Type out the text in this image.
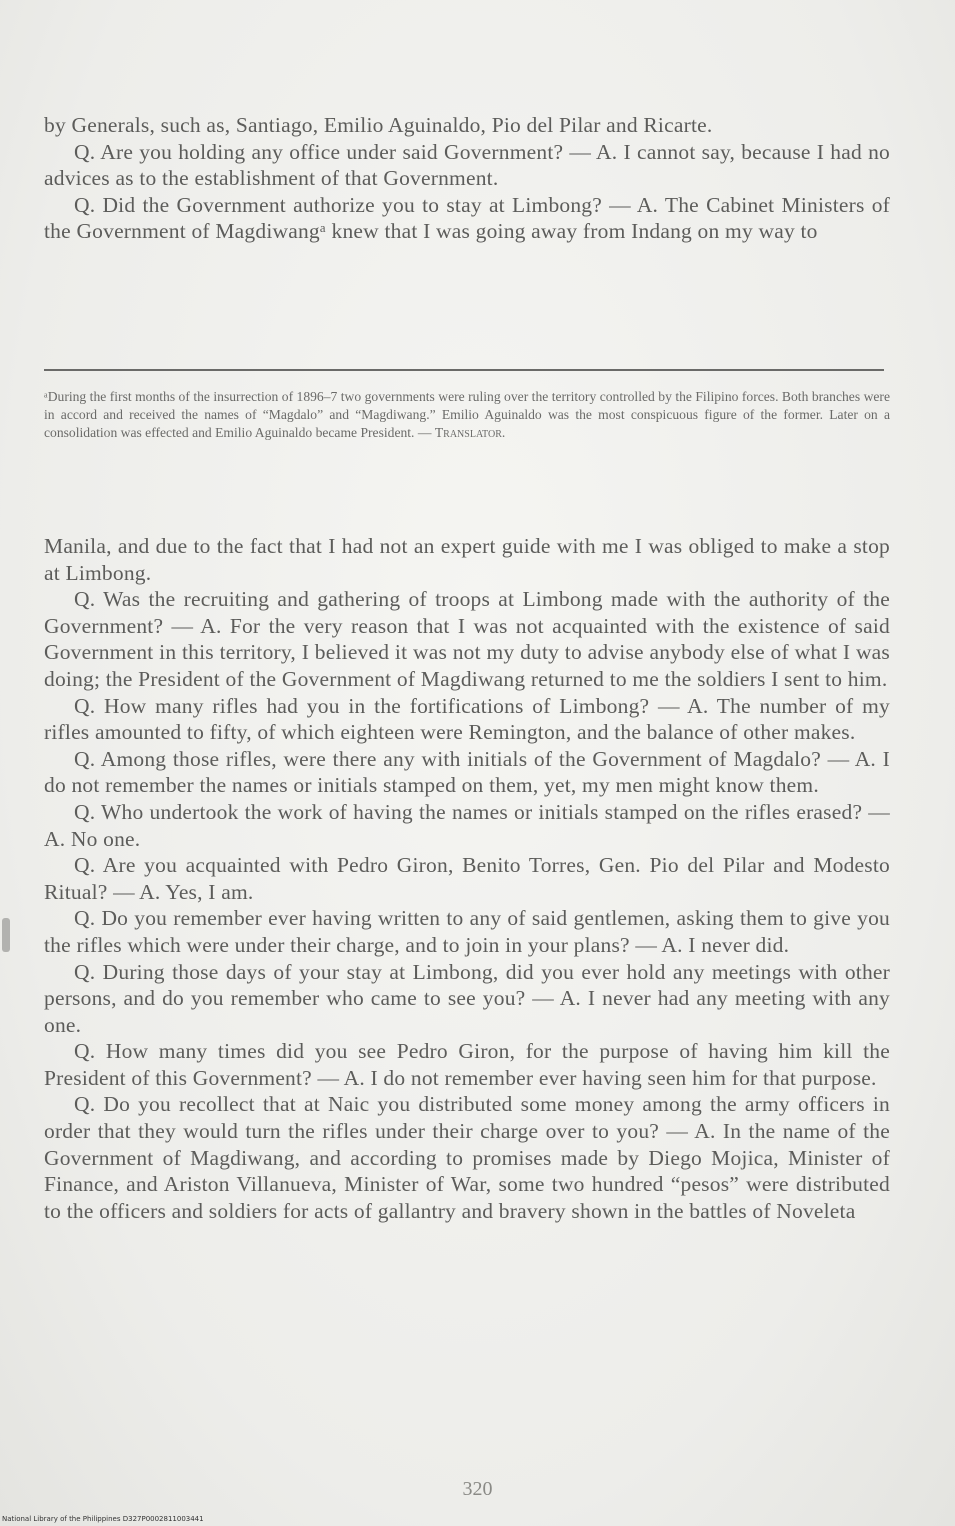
by Generals, such as, Santiago, Emilio Aguinaldo, Pio del Pilar and Ricarte.

Q. Are you holding any office under said Government? — A. I cannot say, because I had no advices as to the establishment of that Government.

Q. Did the Government authorize you to stay at Limbong? — A. The Cabinet Ministers of the Government of Magdiwangᵃ knew that I was going away from Indang on my way to

ᵃDuring the first months of the insurrection of 1896–7 two governments were ruling over the territory controlled by the Filipino forces. Both branches were in accord and received the names of “Magdalo” and “Magdiwang.” Emilio Aguinaldo was the most conspicuous figure of the former. Later on a consolidation was effected and Emilio Aguinaldo became President. — Translator.

Manila, and due to the fact that I had not an expert guide with me I was obliged to make a stop at Limbong.

Q. Was the recruiting and gathering of troops at Limbong made with the authority of the Government? — A. For the very reason that I was not acquainted with the existence of said Government in this territory, I believed it was not my duty to advise anybody else of what I was doing; the President of the Government of Magdiwang returned to me the soldiers I sent to him.

Q. How many rifles had you in the fortifications of Limbong? — A. The number of my rifles amounted to fifty, of which eighteen were Remington, and the balance of other makes.

Q. Among those rifles, were there any with initials of the Government of Magdalo? — A. I do not remember the names or initials stamped on them, yet, my men might know them.

Q. Who undertook the work of having the names or initials stamped on the rifles erased? — A. No one.

Q. Are you acquainted with Pedro Giron, Benito Torres, Gen. Pio del Pilar and Modesto Ritual? — A. Yes, I am.

Q. Do you remember ever having written to any of said gentlemen, asking them to give you the rifles which were under their charge, and to join in your plans? — A. I never did.

Q. During those days of your stay at Limbong, did you ever hold any meetings with other persons, and do you remember who came to see you? — A. I never had any meeting with any one.

Q. How many times did you see Pedro Giron, for the purpose of having him kill the President of this Government? — A. I do not remember ever having seen him for that purpose.

Q. Do you recollect that at Naic you distributed some money among the army officers in order that they would turn the rifles under their charge over to you? — A. In the name of the Government of Magdiwang, and according to promises made by Diego Mojica, Minister of Finance, and Ariston Villanueva, Minister of War, some two hundred “pesos” were distributed to the officers and soldiers for acts of gallantry and bravery shown in the battles of Noveleta

320
National Library of the Philippines D327P0002811003441
